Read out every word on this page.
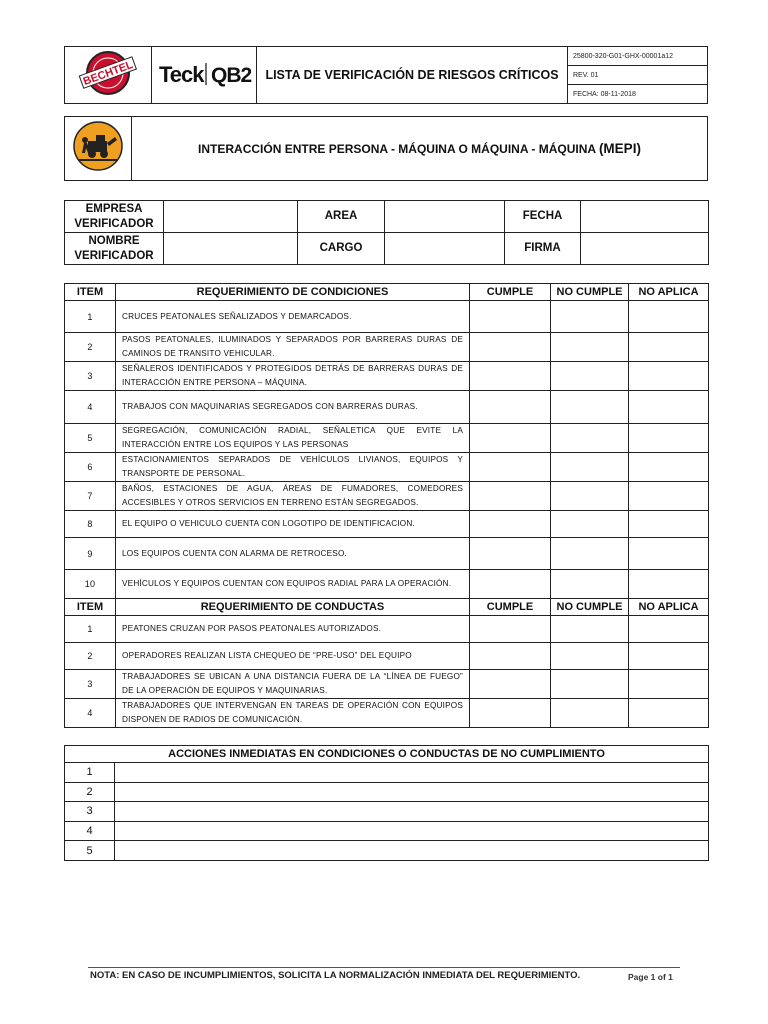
BECHTEL	Teck QB2	LISTA DE VERIFICACIÓN DE RIESGOS CRÍTICOS	25800-320-G01-GHX-00001a12
REV. 01
FECHA: 08-11-2018
	INTERACCIÓN ENTRE PERSONA - MÁQUINA O MÁQUINA - MÁQUINA (MEPI)
EMPRESA VERIFICADOR		AREA		FECHA	
NOMBRE VERIFICADOR		CARGO		FIRMA	
ITEM	REQUERIMIENTO DE CONDICIONES	CUMPLE	NO CUMPLE	NO APLICA
1	CRUCES PEATONALES SEÑALIZADOS Y DEMARCADOS.			
2	PASOS PEATONALES, ILUMINADOS Y SEPARADOS POR BARRERAS DURAS DE CAMINOS DE TRANSITO VEHICULAR.			
3	SEÑALEROS IDENTIFICADOS Y PROTEGIDOS DETRÁS DE BARRERAS DURAS DE INTERACCIÓN ENTRE PERSONA – MÁQUINA.			
4	TRABAJOS CON MAQUINARIAS SEGREGADOS CON BARRERAS DURAS.			
5	SEGREGACIÓN, COMUNICACIÓN RADIAL, SEÑALETICA QUE EVITE LA INTERACCIÓN ENTRE LOS EQUIPOS Y LAS PERSONAS			
6	ESTACIONAMIENTOS SEPARADOS DE VEHÍCULOS LIVIANOS, EQUIPOS Y TRANSPORTE DE PERSONAL.			
7	BAÑOS, ESTACIONES DE AGUA, ÁREAS DE FUMADORES, COMEDORES ACCESIBLES Y OTROS SERVICIOS EN TERRENO ESTÁN SEGREGADOS.			
8	EL EQUIPO O VEHICULO CUENTA CON LOGOTIPO DE IDENTIFICACION.			
9	LOS EQUIPOS CUENTA CON ALARMA DE RETROCESO.			
10	VEHÍCULOS Y EQUIPOS CUENTAN CON EQUIPOS RADIAL PARA LA OPERACIÓN.			
ITEM	REQUERIMIENTO DE CONDUCTAS	CUMPLE	NO CUMPLE	NO APLICA
1	PEATONES CRUZAN POR PASOS PEATONALES AUTORIZADOS.			
2	OPERADORES REALIZAN LISTA CHEQUEO DE “PRE-USO” DEL EQUIPO			
3	TRABAJADORES SE UBICAN A UNA DISTANCIA FUERA DE LA “LÍNEA DE FUEGO” DE LA OPERACIÓN DE EQUIPOS Y MAQUINARIAS.			
4	TRABAJADORES QUE INTERVENGAN EN TAREAS DE OPERACIÓN CON EQUIPOS DISPONEN DE RADIOS DE COMUNICACIÓN.			
ACCIONES INMEDIATAS EN CONDICIONES O CONDUCTAS DE NO CUMPLIMIENTO	
1	
2	
3	
4	
5	
NOTA: EN CASO DE INCUMPLIMIENTOS, SOLICITA LA NORMALIZACIÓN INMEDIATA DEL REQUERIMIENTO.	Page 1 of 1
